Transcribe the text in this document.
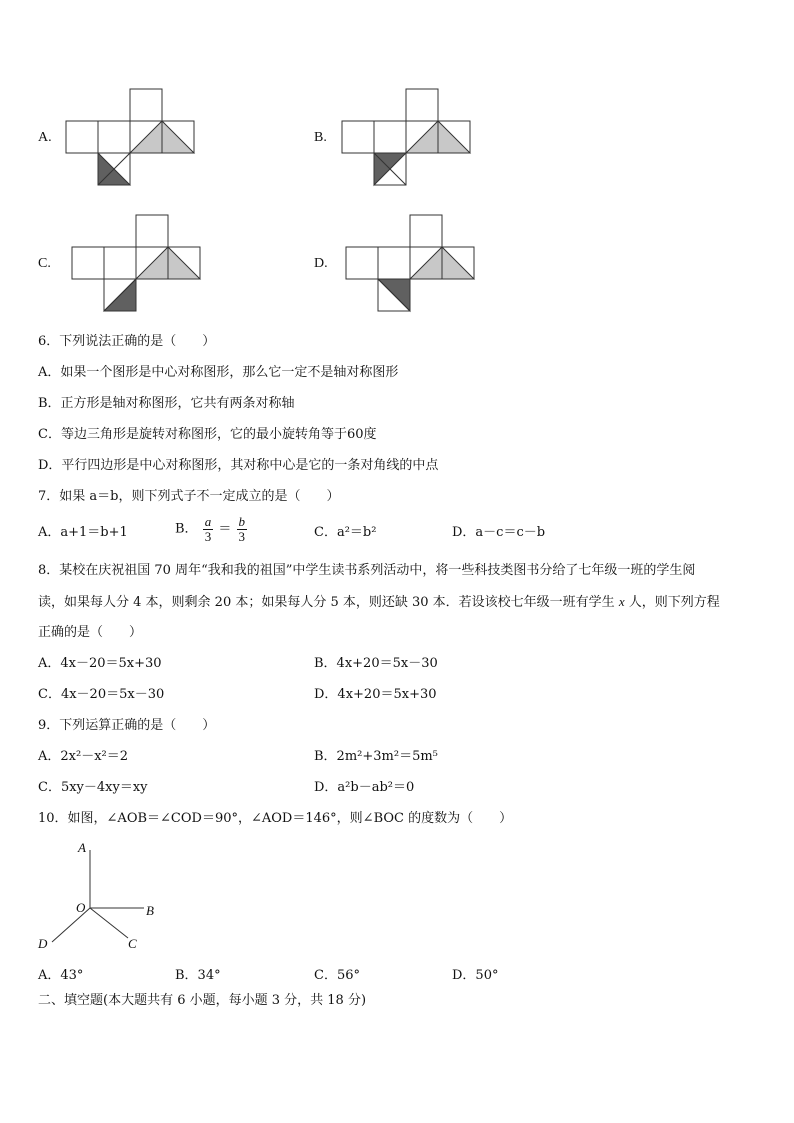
A.	B.
C.	D.
6．下列说法正确的是（　　）
A．如果一个图形是中心对称图形，那么它一定不是轴对称图形
B．正方形是轴对称图形，它共有两条对称轴
C．等边三角形是旋转对称图形，它的最小旋转角等于60度
D．平行四边形是中心对称图形，其对称中心是它的一条对角线的中点
7．如果 a＝b，则下列式子不一定成立的是（　　）
A．a+1＝b+1	B． $\frac{a}{3} = \frac{b}{3}$	C．a²＝b²	D．a－c＝c－b
8．某校在庆祝祖国 70 周年“我和我的祖国”中学生读书系列活动中，将一些科技类图书分给了七年级一班的学生阅
读，如果每人分 4 本，则剩余 20 本；如果每人分 5 本，则还缺 30 本．若设该校七年级一班有学生 x 人，则下列方程
正确的是（　　）
A．4x－20＝5x+30	B．4x+20＝5x－30
C．4x－20＝5x－30	D．4x+20＝5x+30
9．下列运算正确的是（　　）
A．2x²－x²＝2	B．2m²+3m²＝5m⁵
C．5xy－4xy＝xy	D．a²b－ab²＝0
10．如图，∠AOB＝∠COD＝90°，∠AOD＝146°，则∠BOC 的度数为（　　）
A
O	B
C
D
A．43°	B．34°	C．56°	D．50°
二、填空题(本大题共有 6 小题，每小题 3 分，共 18 分)
